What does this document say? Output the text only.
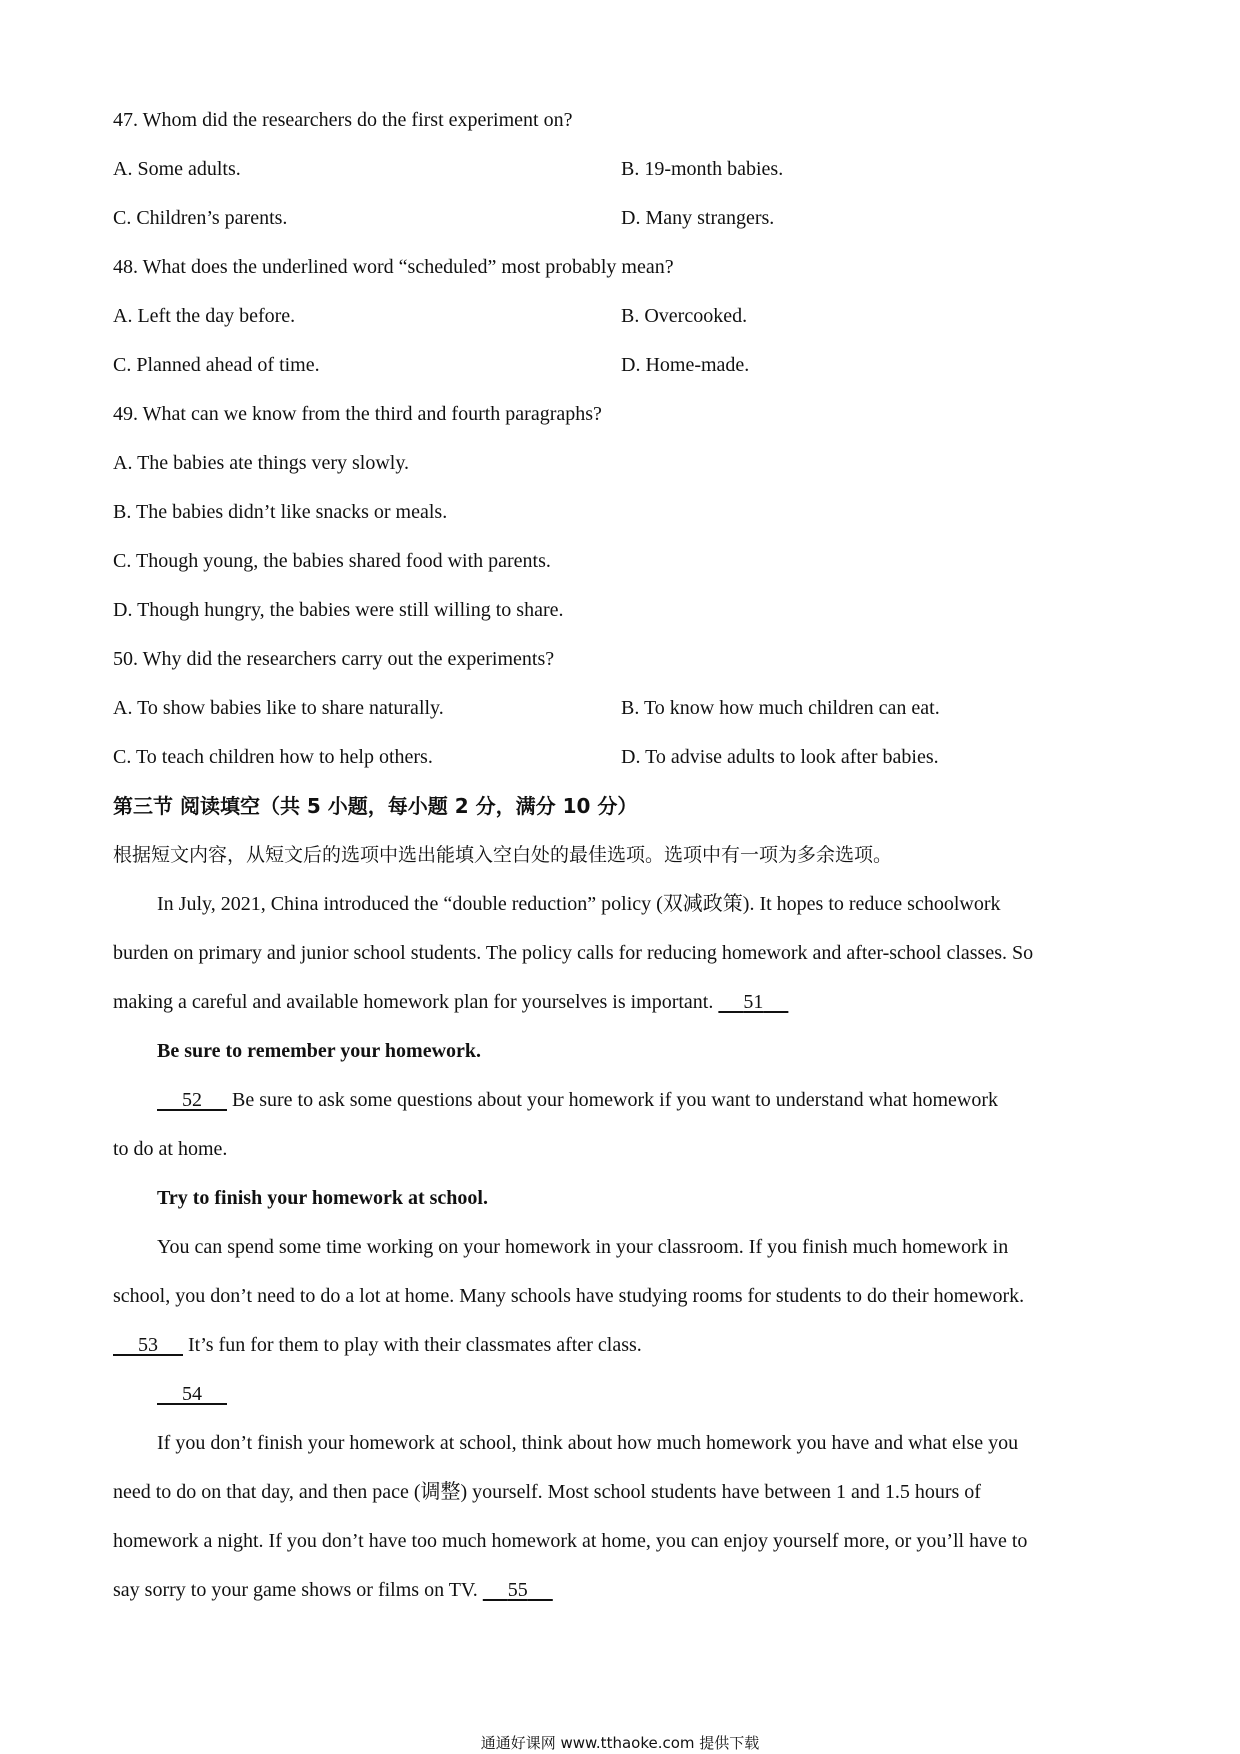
47. Whom did the researchers do the first experiment on?
A. Some adults.	B. 19-month babies.
C. Children’s parents.	D. Many strangers.
48. What does the underlined word “scheduled” most probably mean?
A. Left the day before.	B. Overcooked.
C. Planned ahead of time.	D. Home-made.
49. What can we know from the third and fourth paragraphs?
A. The babies ate things very slowly.
B. The babies didn’t like snacks or meals.
C. Though young, the babies shared food with parents.
D. Though hungry, the babies were still willing to share.
50. Why did the researchers carry out the experiments?
A. To show babies like to share naturally.	B. To know how much children can eat.
C. To teach children how to help others.	D. To advise adults to look after babies.
第三节 阅读填空（共 5 小题，每小题 2 分，满分 10 分）
根据短文内容，从短文后的选项中选出能填入空白处的最佳选项。选项中有一项为多余选项。
In July, 2021, China introduced the “double reduction” policy (双减政策). It hopes to reduce schoolwork
burden on primary and junior school students. The policy calls for reducing homework and after-school classes. So
making a careful and available homework plan for yourselves is important. 51
Be sure to remember your homework.
52 Be sure to ask some questions about your homework if you want to understand what homework
to do at home.
Try to finish your homework at school.
You can spend some time working on your homework in your classroom. If you finish much homework in
school, you don’t need to do a lot at home. Many schools have studying rooms for students to do their homework.
53 It’s fun for them to play with their classmates after class.
54
If you don’t finish your homework at school, think about how much homework you have and what else you
need to do on that day, and then pace (调整) yourself. Most school students have between 1 and 1.5 hours of
homework a night. If you don’t have too much homework at home, you can enjoy yourself more, or you’ll have to
say sorry to your game shows or films on TV. 55
通通好课网 www.tthaoke.com 提供下载
